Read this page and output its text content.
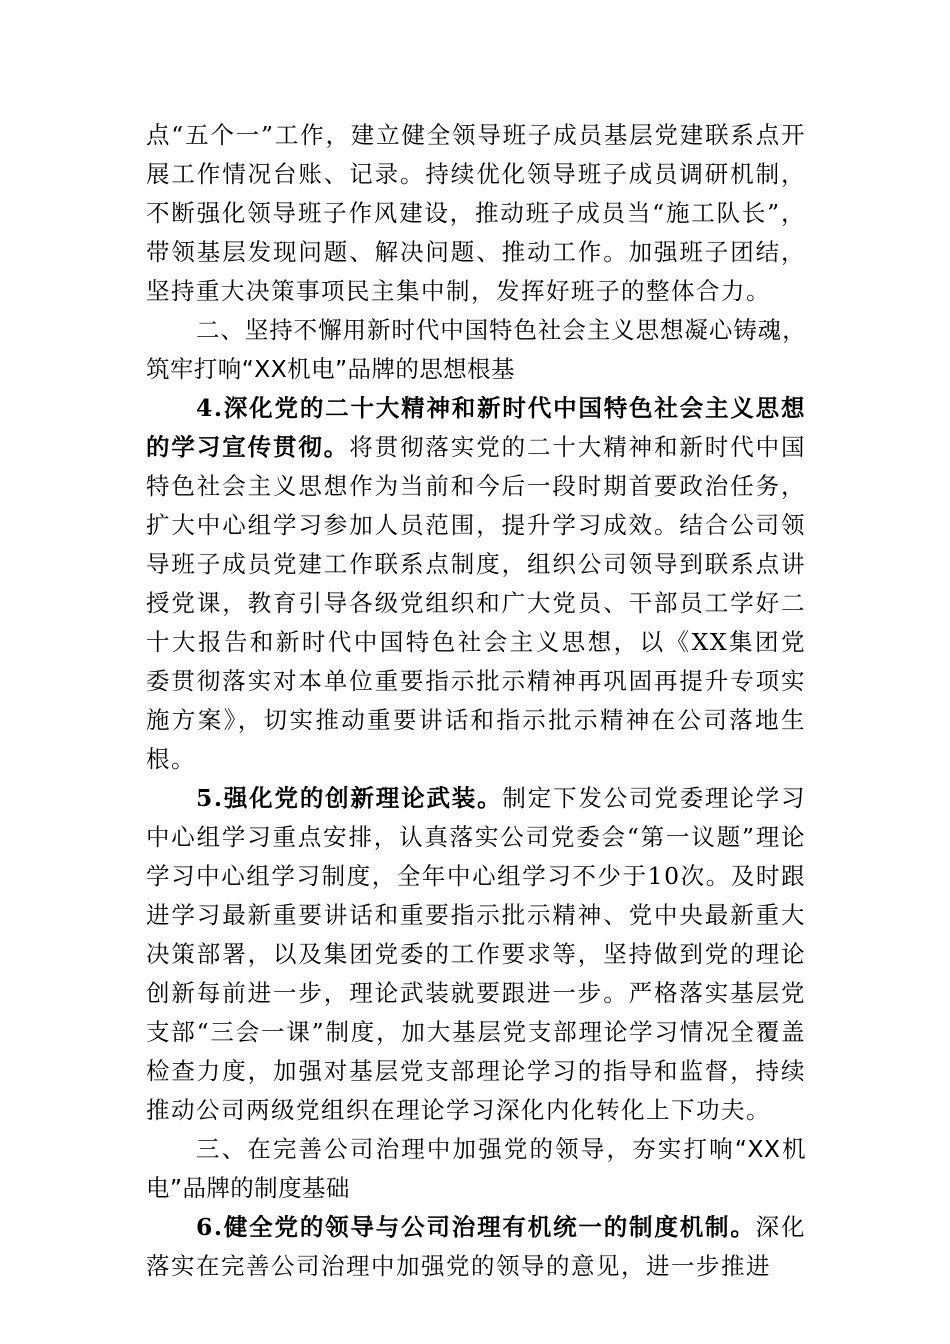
点“五个一”工作，建立健全领导班子成员基层党建联系点开展工作情况台账、记录。持续优化领导班子成员调研机制，不断强化领导班子作风建设，推动班子成员当“施工队长”，带领基层发现问题、解决问题、推动工作。加强班子团结，坚持重大决策事项民主集中制，发挥好班子的整体合力。

二、坚持不懈用新时代中国特色社会主义思想凝心铸魂，筑牢打响“XX机电”品牌的思想根基

4.深化党的二十大精神和新时代中国特色社会主义思想的学习宣传贯彻。将贯彻落实党的二十大精神和新时代中国特色社会主义思想作为当前和今后一段时期首要政治任务，扩大中心组学习参加人员范围，提升学习成效。结合公司领导班子成员党建工作联系点制度，组织公司领导到联系点讲授党课，教育引导各级党组织和广大党员、干部员工学好二十大报告和新时代中国特色社会主义思想，以《XX集团党委贯彻落实对本单位重要指示批示精神再巩固再提升专项实施方案》，切实推动重要讲话和指示批示精神在公司落地生根。

5.强化党的创新理论武装。制定下发公司党委理论学习中心组学习重点安排，认真落实公司党委会“第一议题”理论学习中心组学习制度，全年中心组学习不少于10次。及时跟进学习最新重要讲话和重要指示批示精神、党中央最新重大决策部署，以及集团党委的工作要求等，坚持做到党的理论创新每前进一步，理论武装就要跟进一步。严格落实基层党支部“三会一课”制度，加大基层党支部理论学习情况全覆盖检查力度，加强对基层党支部理论学习的指导和监督，持续推动公司两级党组织在理论学习深化内化转化上下功夫。

三、在完善公司治理中加强党的领导，夯实打响“XX机电”品牌的制度基础

6.健全党的领导与公司治理有机统一的制度机制。深化落实在完善公司治理中加强党的领导的意见，进一步推进
